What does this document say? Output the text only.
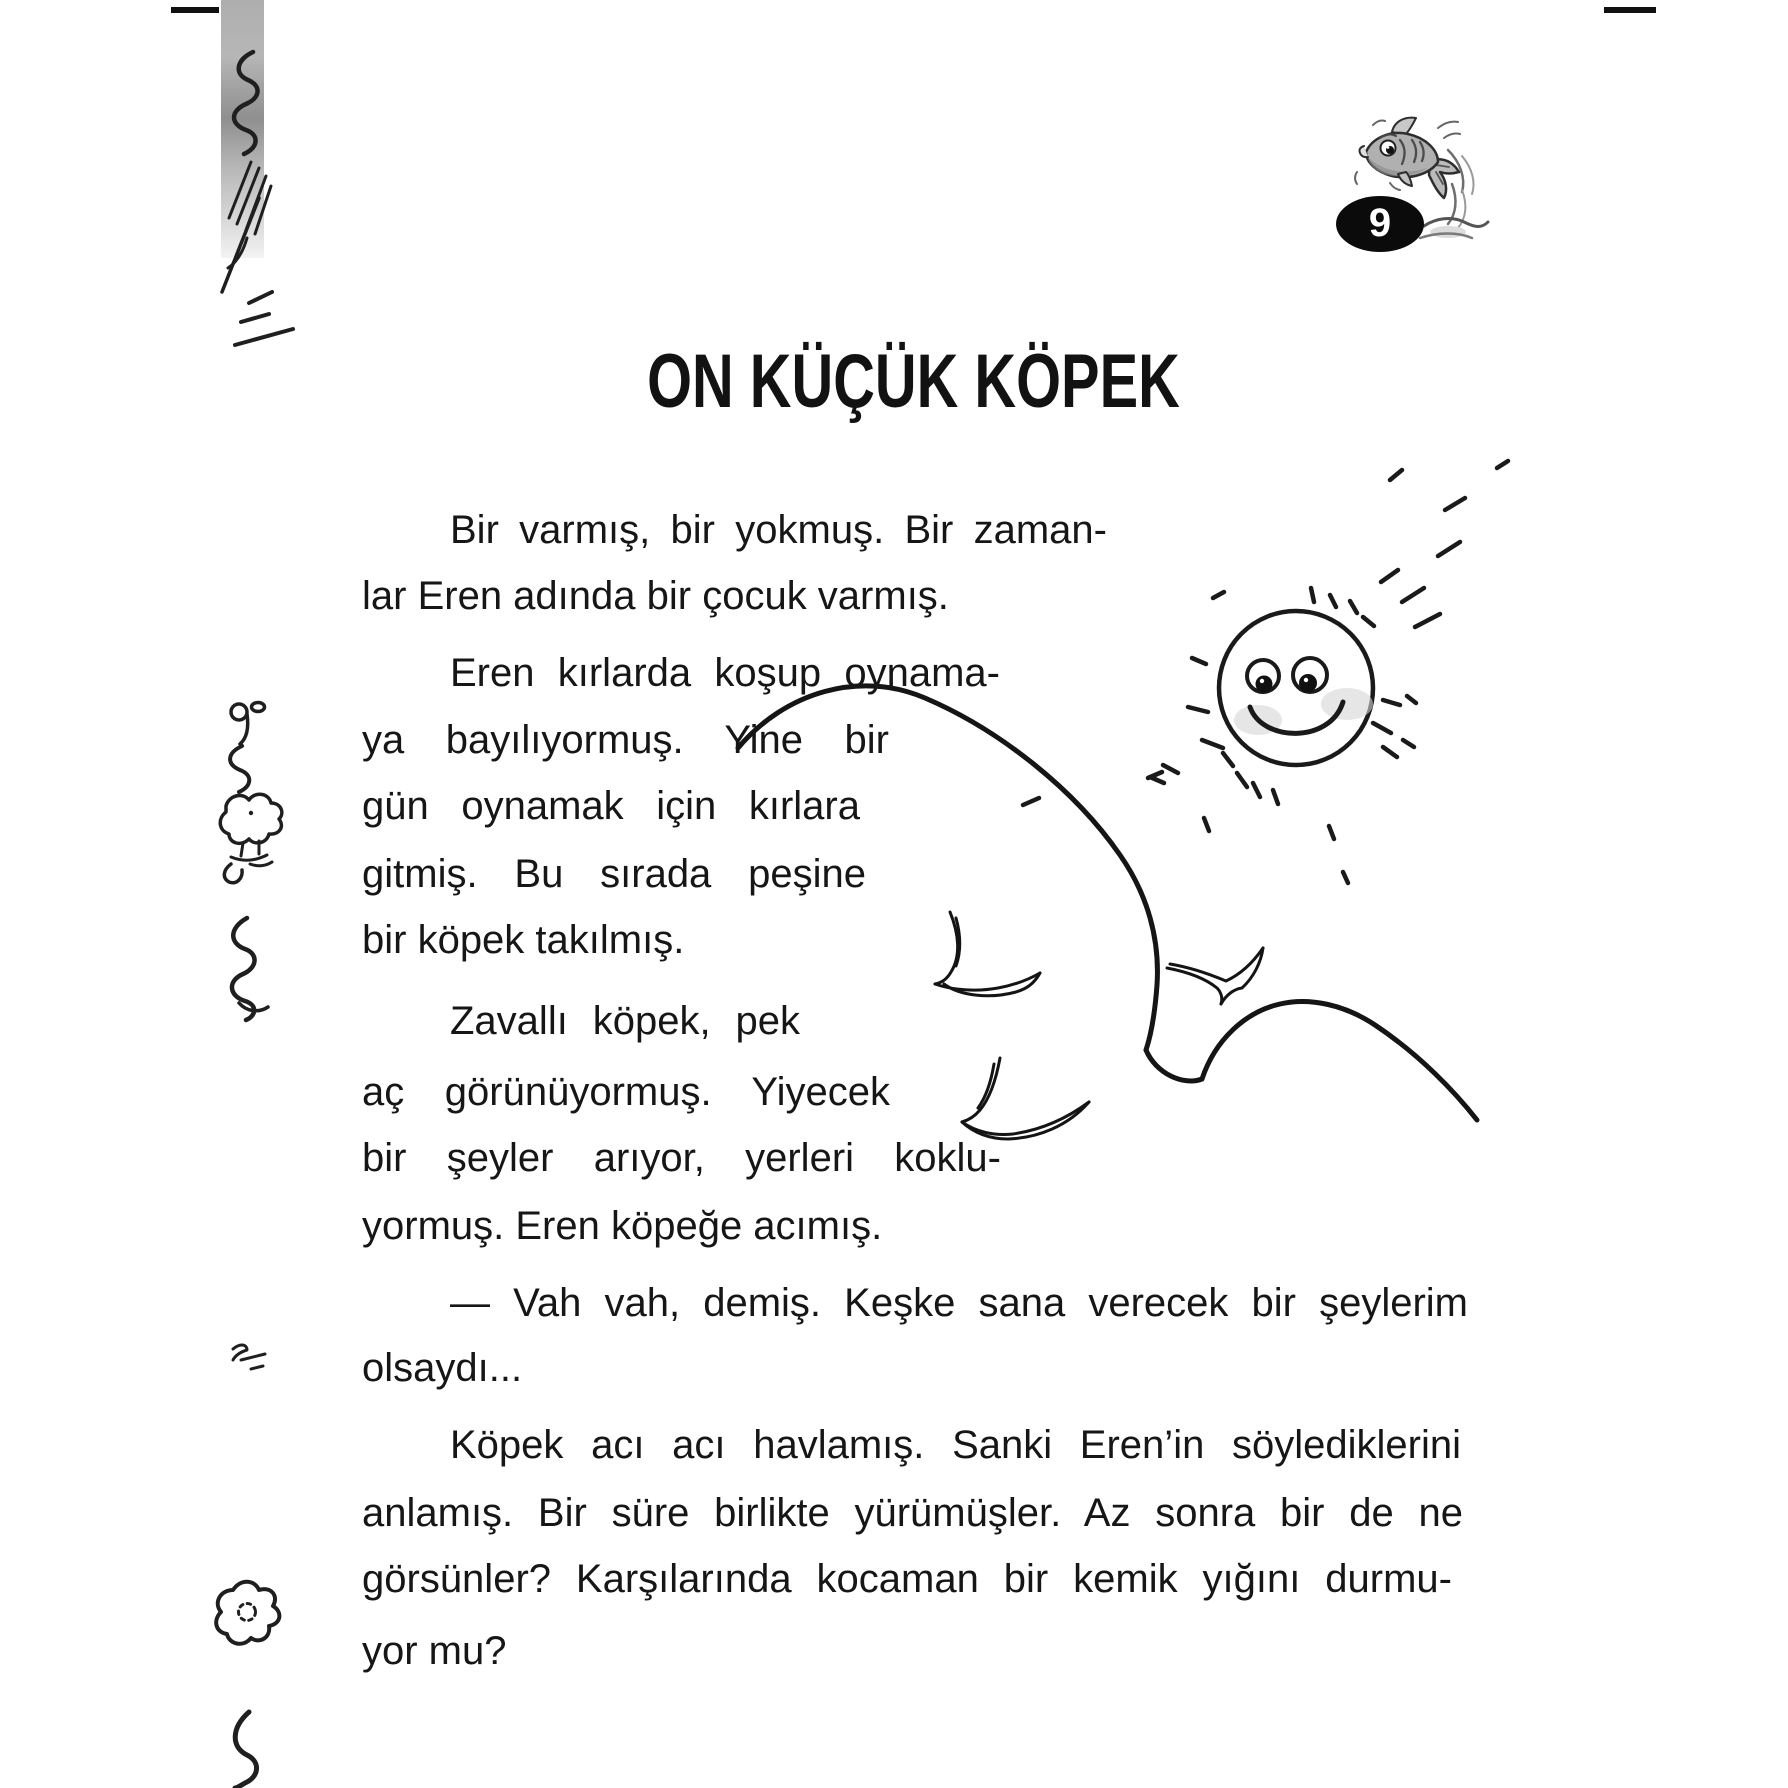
9
ON KÜÇÜK KÖPEK
Bir varmış, bir yokmuş. Bir zaman-
lar Eren adında bir çocuk varmış.
Eren kırlarda koşup oynama-
ya bayılıyormuş. Yine bir
gün oynamak için kırlara
gitmiş. Bu sırada peşine
bir köpek takılmış.
Zavallı köpek, pek
aç görünüyormuş. Yiyecek
bir şeyler arıyor, yerleri koklu-
yormuş. Eren köpeğe acımış.
— Vah vah, demiş. Keşke sana verecek bir şeylerim
olsaydı...
Köpek acı acı havlamış. Sanki Eren’in söylediklerini
anlamış. Bir süre birlikte yürümüşler. Az sonra bir de ne
görsünler? Karşılarında kocaman bir kemik yığını durmu-
yor mu?
